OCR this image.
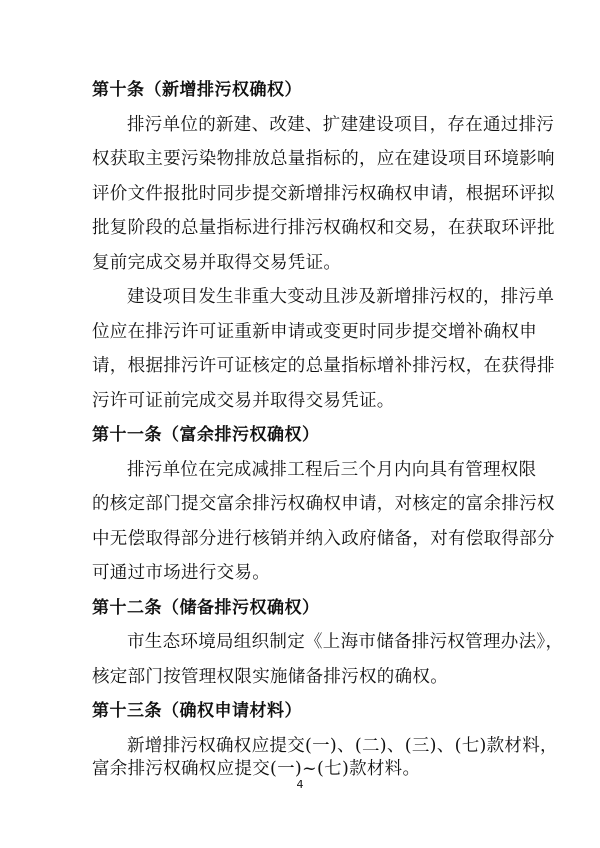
第十条（新增排污权确权）
排污单位的新建、改建、扩建建设项目，存在通过排污
权获取主要污染物排放总量指标的，应在建设项目环境影响
评价文件报批时同步提交新增排污权确权申请，根据环评拟
批复阶段的总量指标进行排污权确权和交易，在获取环评批
复前完成交易并取得交易凭证。
建设项目发生非重大变动且涉及新增排污权的，排污单
位应在排污许可证重新申请或变更时同步提交增补确权申
请，根据排污许可证核定的总量指标增补排污权，在获得排
污许可证前完成交易并取得交易凭证。
第十一条（富余排污权确权）
排污单位在完成减排工程后三个月内向具有管理权限
的核定部门提交富余排污权确权申请，对核定的富余排污权
中无偿取得部分进行核销并纳入政府储备，对有偿取得部分
可通过市场进行交易。
第十二条（储备排污权确权）
市生态环境局组织制定《上海市储备排污权管理办法》，
核定部门按管理权限实施储备排污权的确权。
第十三条（确权申请材料）
新增排污权确权应提交(一)、(二)、(三)、(七)款材料，
富余排污权确权应提交(一)~(七)款材料。
4
